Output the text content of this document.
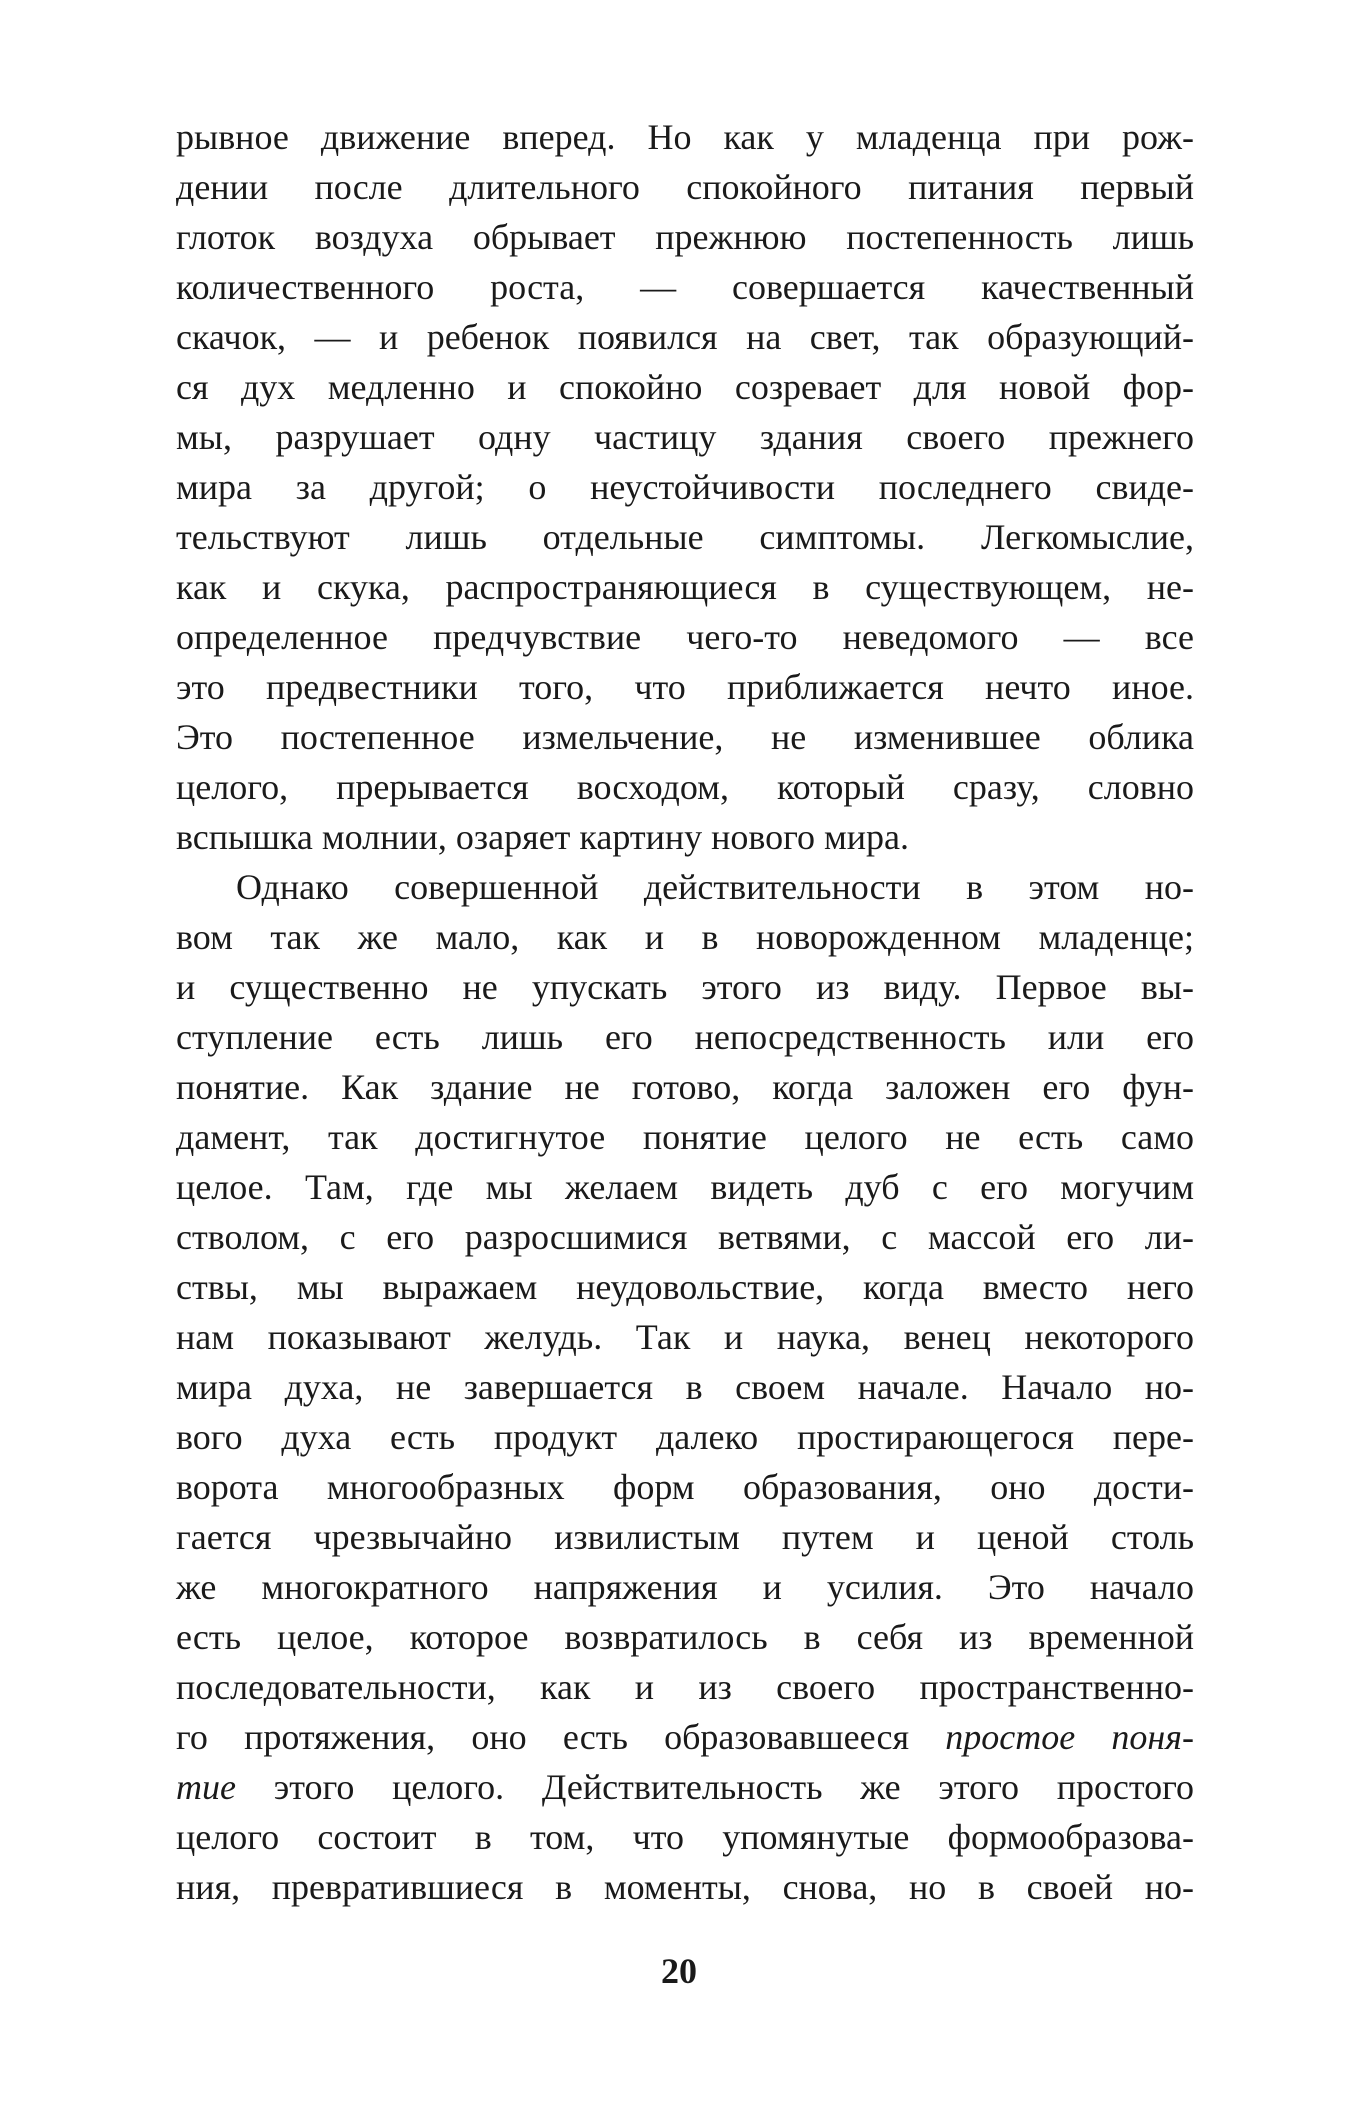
рывное движение вперед. Но как у младенца при рож-
дении после длительного спокойного питания первый
глоток воздуха обрывает прежнюю постепенность лишь
количественного роста, — совершается качественный
скачок, — и ребенок появился на свет, так образующий-
ся дух медленно и спокойно созревает для новой фор-
мы, разрушает одну частицу здания своего прежнего
мира за другой; о неустойчивости последнего свиде-
тельствуют лишь отдельные симптомы. Легкомыслие,
как и скука, распространяющиеся в существующем, не-
определенное предчувствие чего-то неведомого — все
это предвестники того, что приближается нечто иное.
Это постепенное измельчение, не изменившее облика
целого, прерывается восходом, который сразу, словно
вспышка молнии, озаряет картину нового мира.
Однако совершенной действительности в этом но-
вом так же мало, как и в новорожденном младенце;
и существенно не упускать этого из виду. Первое вы-
ступление есть лишь его непосредственность или его
понятие. Как здание не готово, когда заложен его фун-
дамент, так достигнутое понятие целого не есть само
целое. Там, где мы желаем видеть дуб с его могучим
стволом, с его разросшимися ветвями, с массой его ли-
ствы, мы выражаем неудовольствие, когда вместо него
нам показывают желудь. Так и наука, венец некоторого
мира духа, не завершается в своем начале. Начало но-
вого духа есть продукт далеко простирающегося пере-
ворота многообразных форм образования, оно дости-
гается чрезвычайно извилистым путем и ценой столь
же многократного напряжения и усилия. Это начало
есть целое, которое возвратилось в себя из временной
последовательности, как и из своего пространственно-
го протяжения, оно есть образовавшееся простое поня-
тие этого целого. Действительность же этого простого
целого состоит в том, что упомянутые формообразова-
ния, превратившиеся в моменты, снова, но в своей но-
20
